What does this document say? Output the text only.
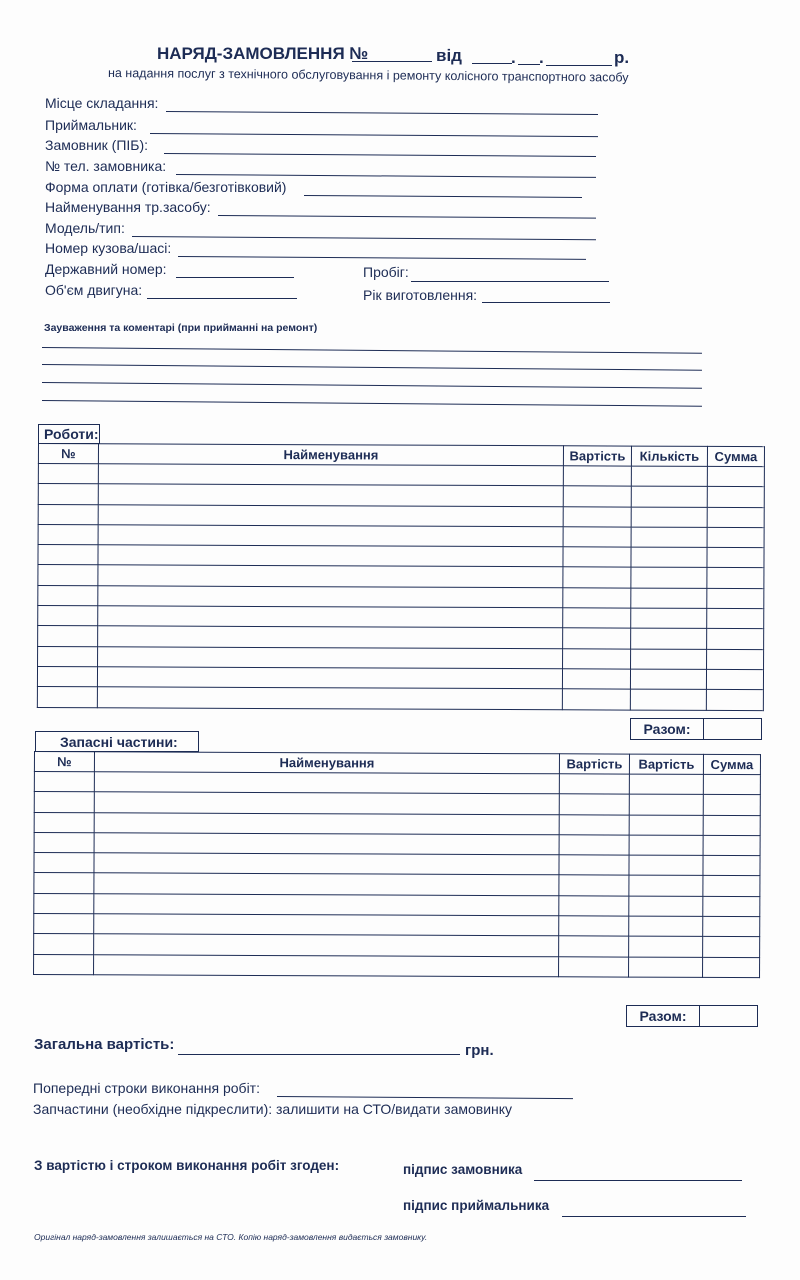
НАРЯД-ЗАМОВЛЕННЯ №	від	. .	р.
на надання послуг з технічного обслуговування і ремонту колісного транспортного засобу
Місце складання:
Приймальник:
Замовник (ПІБ):
№ тел. замовника:
Форма оплати (готівка/безготівковий)
Найменування тр.засобу:
Модель/тип:
Номер кузова/шасі:
Державний номер:	Пробіг:
Об'єм двигуна:	Рік виготовлення:
Зауваження та коментарі (при прийманні на ремонт)
Роботи:
№	Найменування	Вартість	Кількість	Сумма

Разом:
Запасні частини:
№	Найменування	Вартість	Вартість	Сумма

Разом:
Загальна вартість:	грн.
Попередні строки виконання робіт:
Запчастини (необхідне підкреслити): залишити на СТО/видати замовинку
З вартістю і строком виконання робіт згоден:	підпис замовника
підпис приймальника
Оригінал наряд-замовлення залишається на СТО. Копію наряд-замовлення видається замовнику.
